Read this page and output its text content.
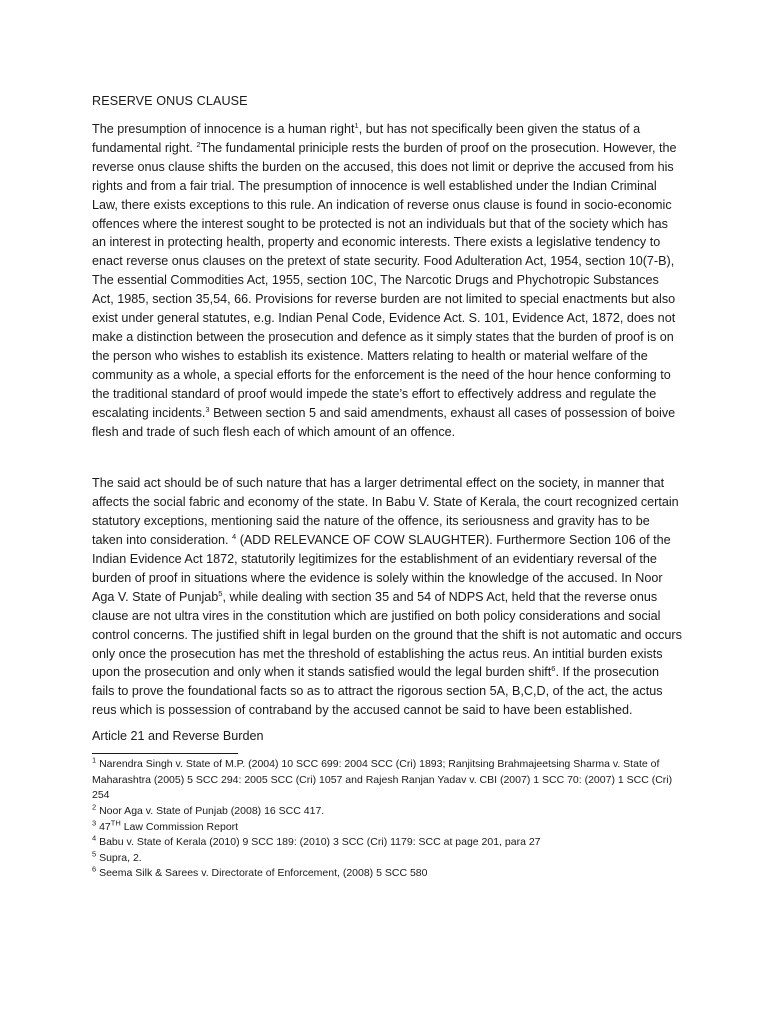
RESERVE ONUS CLAUSE

The presumption of innocence is a human right$^1$, but has not specifically been given the status of a fundamental right. $^2$The fundamental priniciple rests the burden of proof on the prosecution. However, the reverse onus clause shifts the burden on the accused, this does not limit or deprive the accused from his rights and from a fair trial. The presumption of innocence is well established under the Indian Criminal Law, there exists exceptions to this rule. An indication of reverse onus clause is found in socio-economic offences where the interest sought to be protected is not an individuals but that of the society which has an interest in protecting health, property and economic interests. There exists a legislative tendency to enact reverse onus clauses on the pretext of state security. Food Adulteration Act, 1954, section 10(7-B), The essential Commodities Act, 1955, section 10C, The Narcotic Drugs and Phychotropic Substances Act, 1985, section 35,54, 66. Provisions for reverse burden are not limited to special enactments but also exist under general statutes, e.g. Indian Penal Code, Evidence Act. S. 101, Evidence Act, 1872, does not make a distinction between the prosecution and defence as it simply states that the burden of proof is on the person who wishes to establish its existence. Matters relating to health or material welfare of the community as a whole, a special efforts for the enforcement is the need of the hour hence conforming to the traditional standard of proof would impede the state’s effort to effectively address and regulate the escalating incidents.$^3$ Between section 5 and said amendments, exhaust all cases of possession of boive flesh and trade of such flesh each of which amount of an offence.

The said act should be of such nature that has a larger detrimental effect on the society, in manner that affects the social fabric and economy of the state. In Babu V. State of Kerala, the court recognized certain statutory exceptions, mentioning said the nature of the offence, its seriousness and gravity has to be taken into consideration. $^4$ (ADD RELEVANCE OF COW SLAUGHTER). Furthermore Section 106 of the Indian Evidence Act 1872, statutorily legitimizes for the establishment of an evidentiary reversal of the burden of proof in situations where the evidence is solely within the knowledge of the accused. In Noor Aga V. State of Punjab$^5$, while dealing with section 35 and 54 of NDPS Act, held that the reverse onus clause are not ultra vires in the constitution which are justified on both policy considerations and social control concerns. The justified shift in legal burden on the ground that the shift is not automatic and occurs only once the prosecution has met the threshold of establishing the actus reus. An intitial burden exists upon the prosecution and only when it stands satisfied would the legal burden shift$^6$. If the prosecution fails to prove the foundational facts so as to attract the rigorous section 5A, B,C,D, of the act, the actus reus which is possession of contraband by the accused cannot be said to have been established.

Article 21 and Reverse Burden

$^1$ Narendra Singh v. State of M.P. (2004) 10 SCC 699: 2004 SCC (Cri) 1893; Ranjitsing Brahmajeetsing Sharma v. State of Maharashtra (2005) 5 SCC 294: 2005 SCC (Cri) 1057 and Rajesh Ranjan Yadav v. CBI (2007) 1 SCC 70: (2007) 1 SCC (Cri) 254

$^2$ Noor Aga v. State of Punjab (2008) 16 SCC 417.

$^3$ 47TH Law Commission Report

$^4$ Babu v. State of Kerala (2010) 9 SCC 189: (2010) 3 SCC (Cri) 1179: SCC at page 201, para 27

$^5$ Supra, 2.

$^6$ Seema Silk & Sarees v. Directorate of Enforcement, (2008) 5 SCC 580
